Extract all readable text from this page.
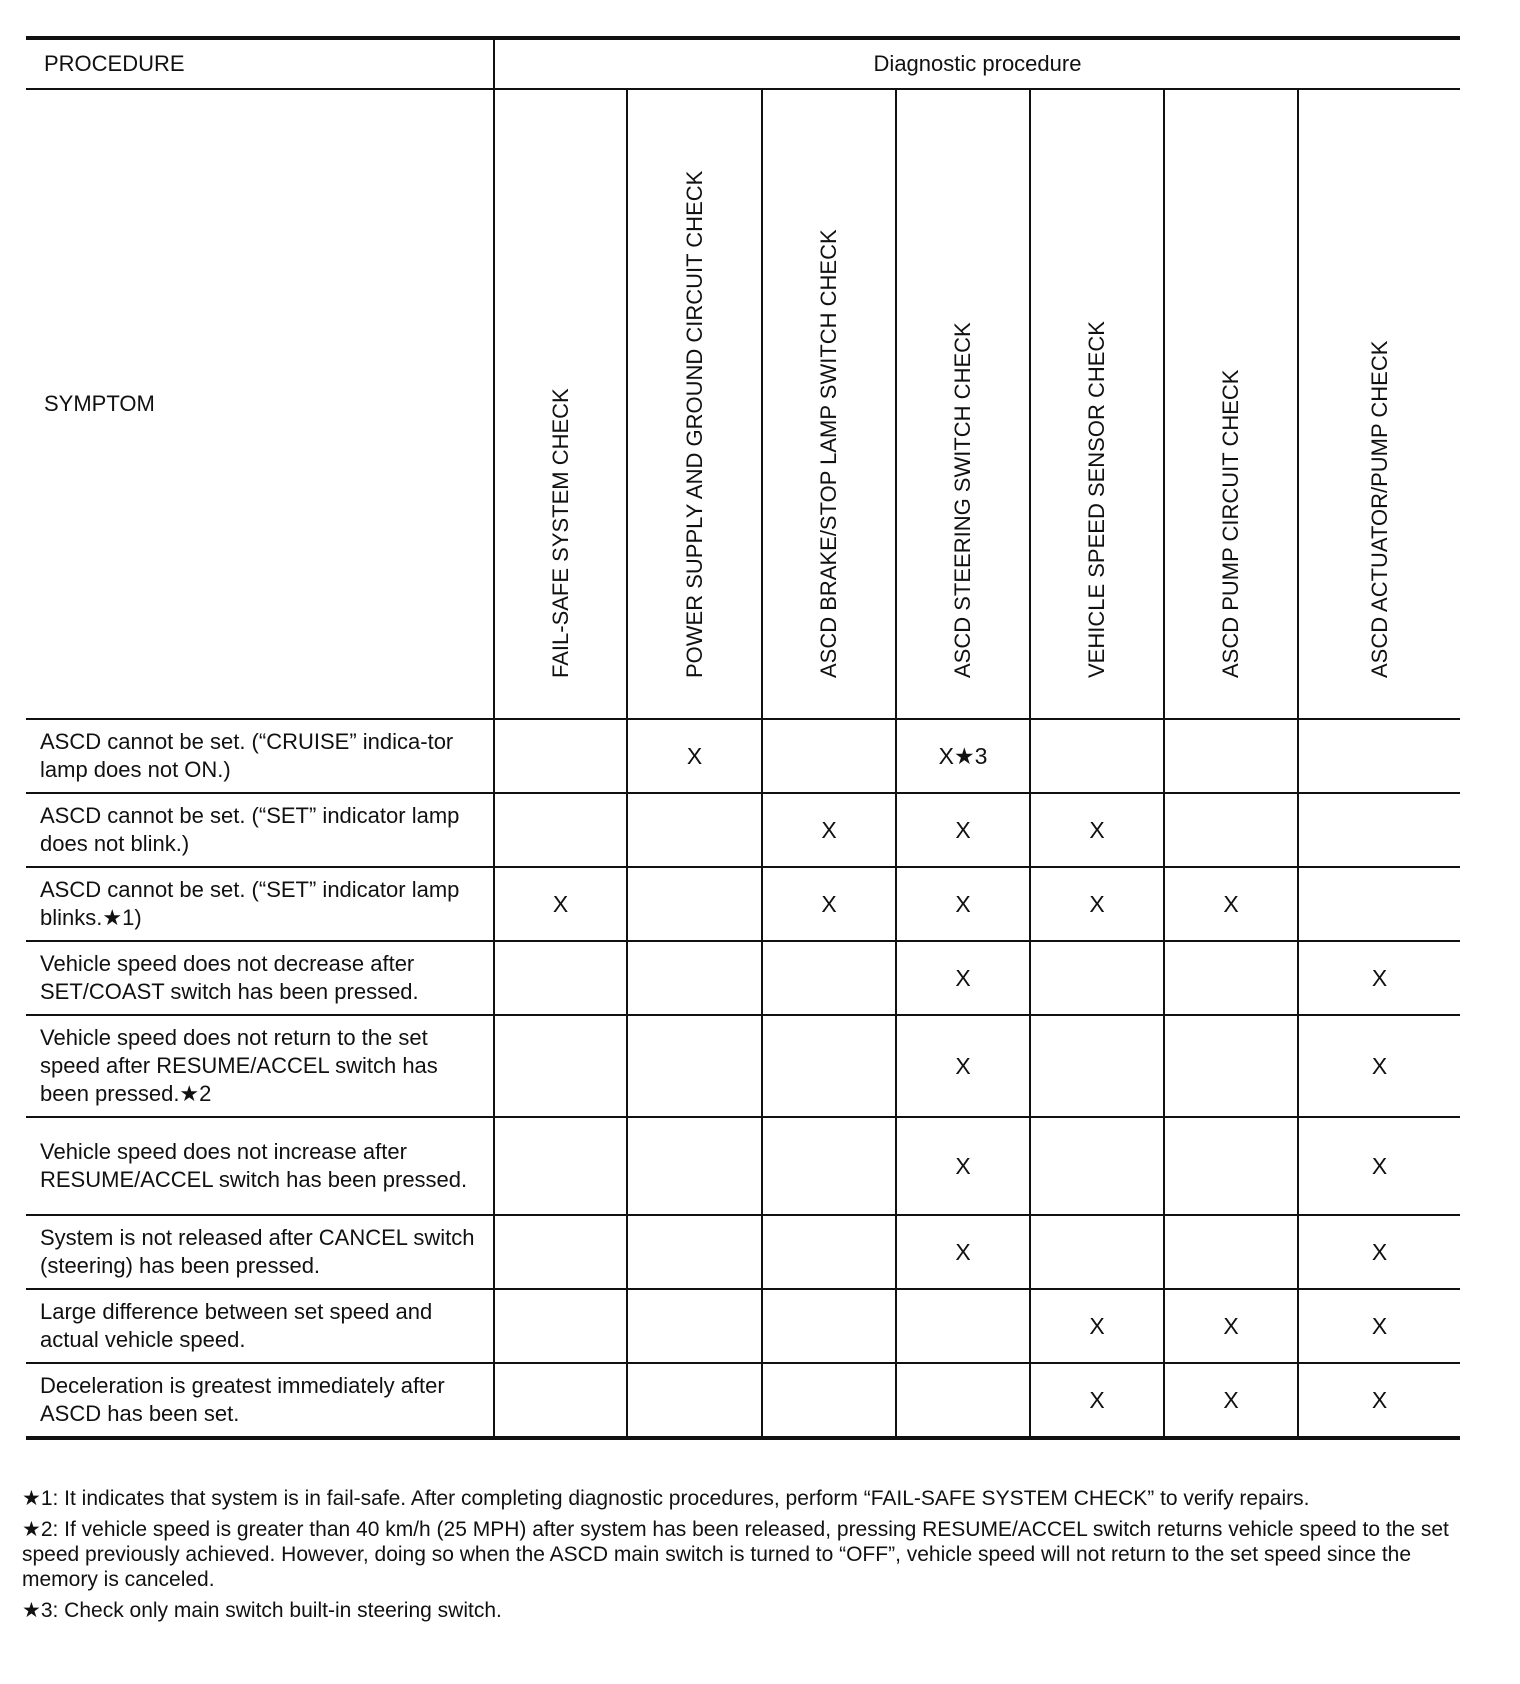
PROCEDURE	Diagnostic procedure						
SYMPTOM	FAIL-SAFE SYSTEM CHECK	POWER SUPPLY AND GROUND CIRCUIT CHECK	ASCD BRAKE/STOP LAMP SWITCH CHECK	ASCD STEERING SWITCH CHECK	VEHICLE SPEED SENSOR CHECK	ASCD PUMP CIRCUIT CHECK	ASCD ACTUATOR/PUMP CHECK

ASCD cannot be set. (“CRUISE” indica-tor lamp does not ON.)		X		X★3			
ASCD cannot be set. (“SET” indicator lamp does not blink.)			X	X	X		
ASCD cannot be set. (“SET” indicator lamp blinks.★1)	X		X	X	X	X	
Vehicle speed does not decrease after SET/COAST switch has been pressed.				X			X
Vehicle speed does not return to the set speed after RESUME/ACCEL switch has been pressed.★2				X			X
Vehicle speed does not increase after RESUME/ACCEL switch has been pressed.				X			X
System is not released after CANCEL switch (steering) has been pressed.				X			X
Large difference between set speed and actual vehicle speed.					X	X	X
Deceleration is greatest immediately after ASCD has been set.					X	X	X

★1: It indicates that system is in fail-safe. After completing diagnostic procedures, perform “FAIL-SAFE SYSTEM CHECK” to verify repairs.

★2: If vehicle speed is greater than 40 km/h (25 MPH) after system has been released, pressing RESUME/ACCEL switch returns vehicle speed to the set speed previously achieved. However, doing so when the ASCD main switch is turned to “OFF”, vehicle speed will not return to the set speed since the memory is canceled.

★3: Check only main switch built-in steering switch.
